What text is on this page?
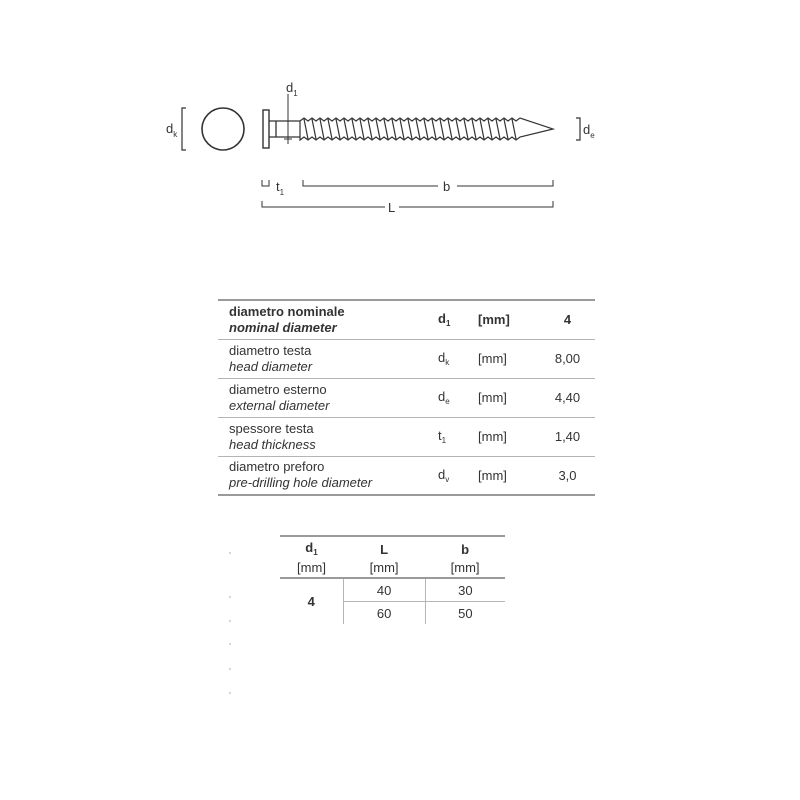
$d_k$
$d_1$
$d_e$
$t_1$	b
L
diametro nominale
nominal diameter	$d_1$	[mm]	4

diametro testa
head diameter	$d_k$	[mm]	8,00

diametro esterno
external diameter	$d_e$	[mm]	4,40

spessore testa
head thickness	$t_1$	[mm]	1,40

diametro preforo
pre-drilling hole diameter	$d_v$	[mm]	3,0
$d_1$	L	b
[mm]	[mm]	[mm]
4	40	30
	60	50
